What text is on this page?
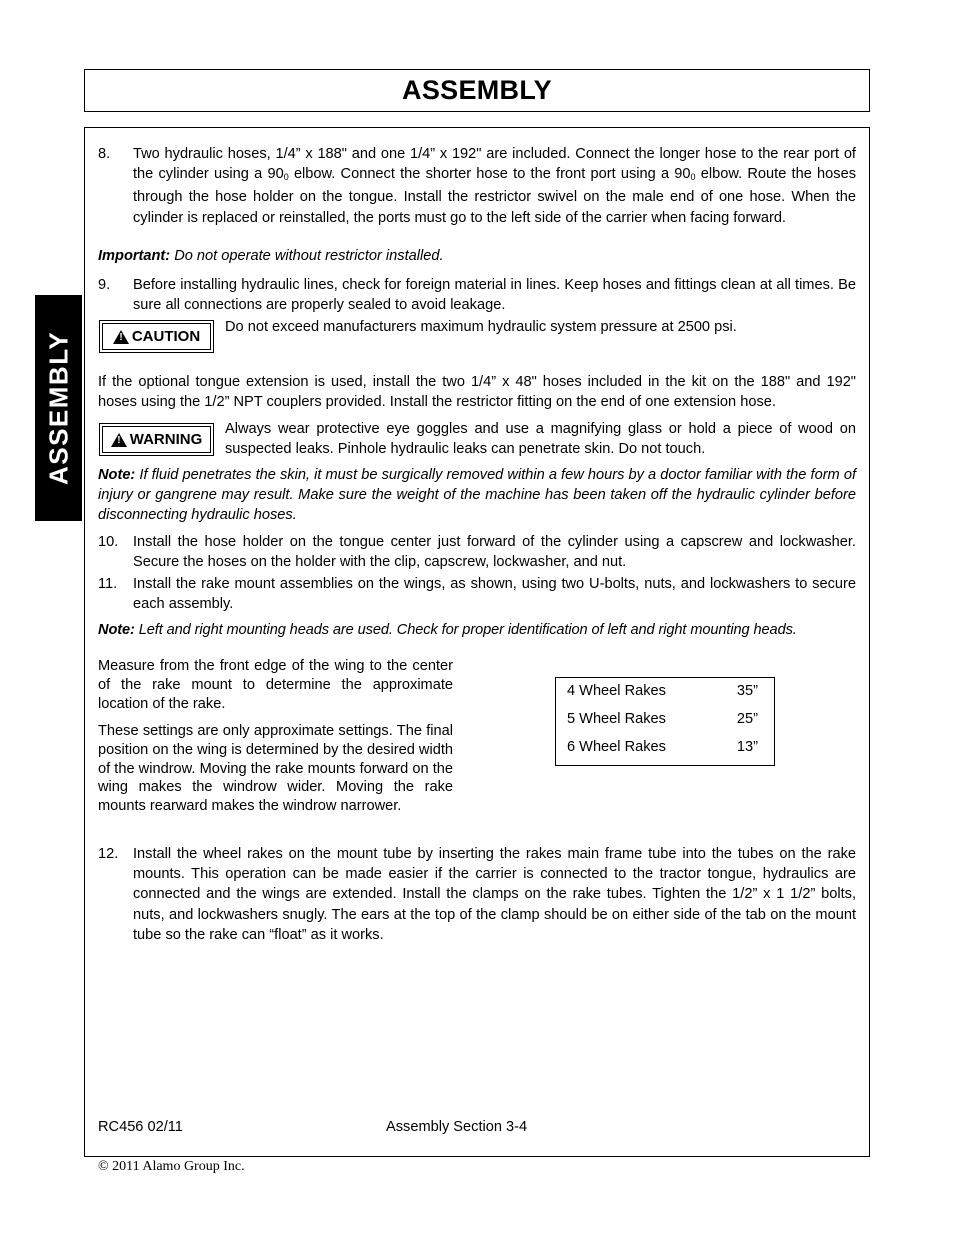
ASSEMBLY
ASSEMBLY
8. Two hydraulic hoses, 1/4” x 188" and one 1/4” x 192" are included. Connect the longer hose to the rear port of the cylinder using a $90_0$ elbow. Connect the shorter hose to the front port using a $90_0$ elbow. Route the hoses through the hose holder on the tongue. Install the restrictor swivel on the male end of one hose. When the cylinder is replaced or reinstalled, the ports must go to the left side of the carrier when facing forward.
Important: Do not operate without restrictor installed.
9. Before installing hydraulic lines, check for foreign material in lines. Keep hoses and fittings clean at all times. Be sure all connections are properly sealed to avoid leakage.
! CAUTION
Do not exceed manufacturers maximum hydraulic system pressure at 2500 psi.
If the optional tongue extension is used, install the two 1/4” x 48" hoses included in the kit on the 188" and 192" hoses using the 1/2” NPT couplers provided. Install the restrictor fitting on the end of one extension hose.
! WARNING
Always wear protective eye goggles and use a magnifying glass or hold a piece of wood on suspected leaks. Pinhole hydraulic leaks can penetrate skin. Do not touch.
Note: If fluid penetrates the skin, it must be surgically removed within a few hours by a doctor familiar with the form of injury or gangrene may result. Make sure the weight of the machine has been taken off the hydraulic cylinder before disconnecting hydraulic hoses.
10. Install the hose holder on the tongue center just forward of the cylinder using a capscrew and lockwasher. Secure the hoses on the holder with the clip, capscrew, lockwasher, and nut.
11. Install the rake mount assemblies on the wings, as shown, using two U-bolts, nuts, and lockwashers to secure each assembly.
Note: Left and right mounting heads are used. Check for proper identification of left and right mounting heads.
Measure from the front edge of the wing to the center of the rake mount to determine the approximate location of the rake.
These settings are only approximate settings. The final position on the wing is determined by the desired width of the windrow. Moving the rake mounts forward on the wing makes the windrow wider. Moving the rake mounts rearward makes the windrow narrower.
4 Wheel Rakes	35”
5 Wheel Rakes	25”
6 Wheel Rakes	13”
12. Install the wheel rakes on the mount tube by inserting the rakes main frame tube into the tubes on the rake mounts. This operation can be made easier if the carrier is connected to the tractor tongue, hydraulics are connected and the wings are extended. Install the clamps on the rake tubes. Tighten the 1/2” x 1 1/2” bolts, nuts, and lockwashers snugly. The ears at the top of the clamp should be on either side of the tab on the mount tube so the rake can “float” as it works.
RC456 02/11	Assembly Section 3-4
© 2011 Alamo Group Inc.
